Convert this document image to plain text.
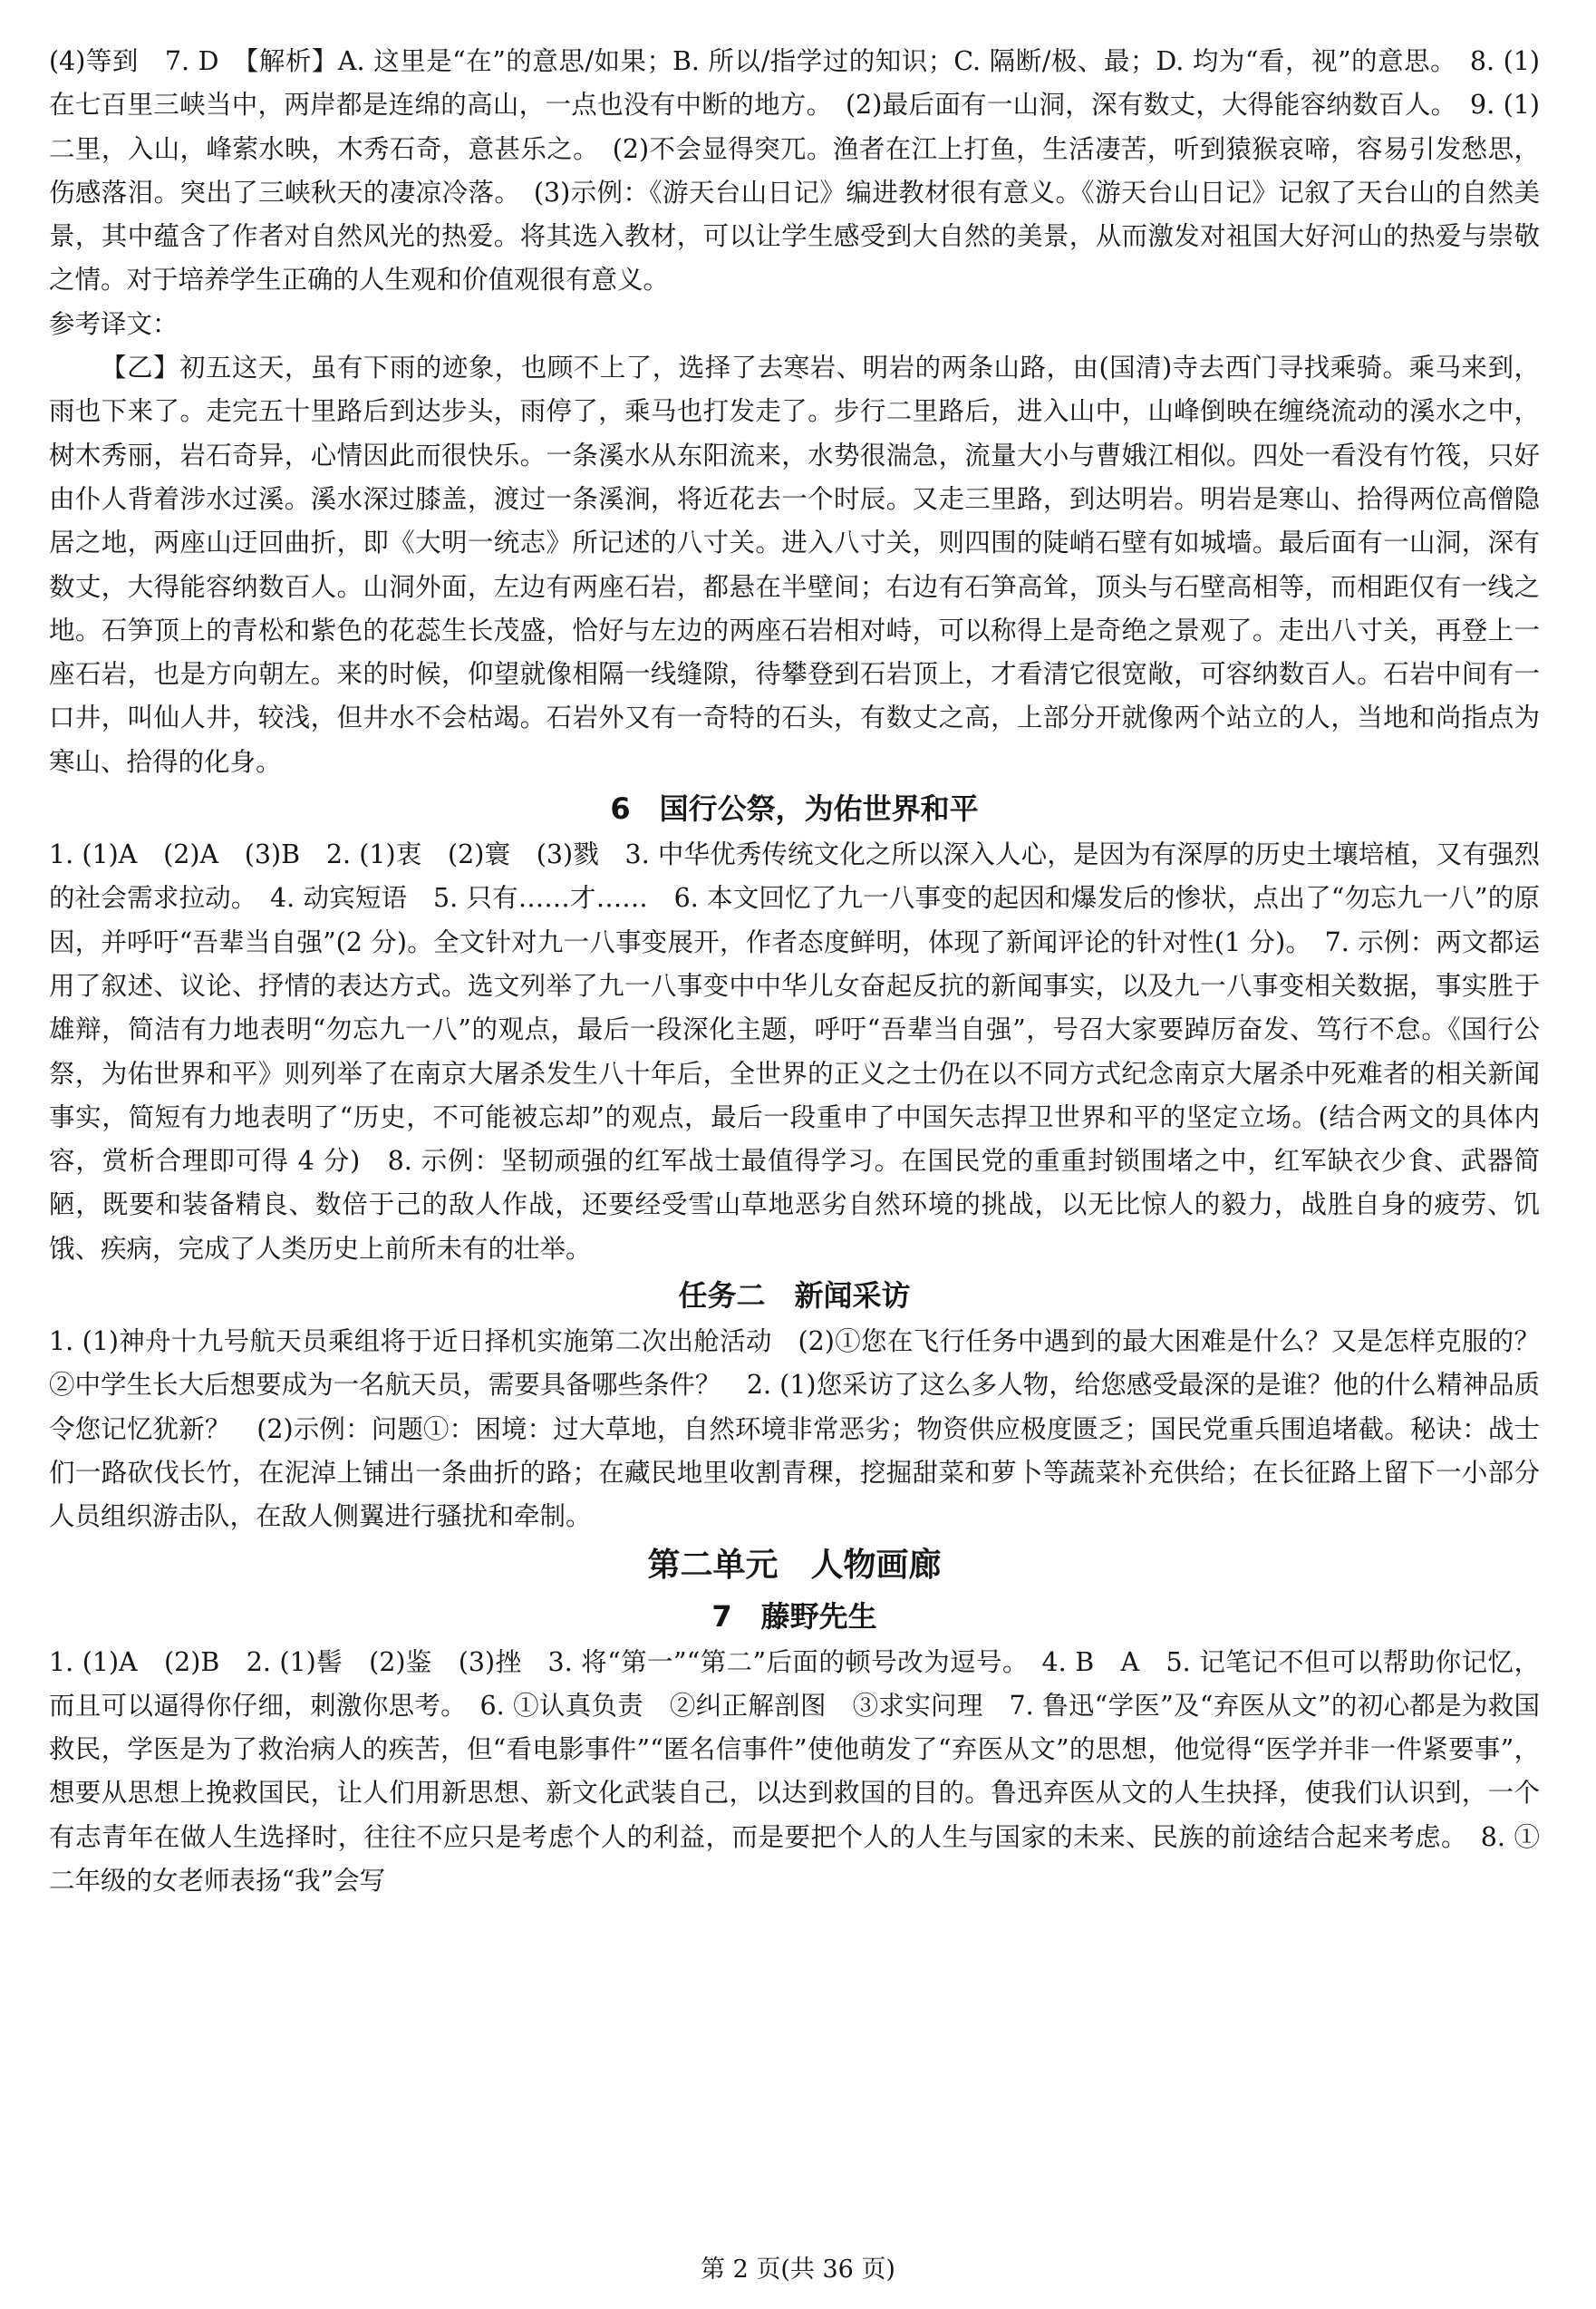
(4)等到　7. D　【解析】A. 这里是“在”的意思/如果；B. 所以/指学过的知识；C. 隔断/极、最；D. 均为“看，视”的意思。　8. (1)在七百里三峡当中，两岸都是连绵的高山，一点也没有中断的地方。　(2)最后面有一山洞，深有数丈，大得能容纳数百人。　9. (1)二里，入山，峰萦水映，木秀石奇，意甚乐之。　(2)不会显得突兀。渔者在江上打鱼，生活凄苦，听到猿猴哀啼，容易引发愁思，伤感落泪。突出了三峡秋天的凄凉冷落。　(3)示例：《游天台山日记》编进教材很有意义。《游天台山日记》记叙了天台山的自然美景，其中蕴含了作者对自然风光的热爱。将其选入教材，可以让学生感受到大自然的美景，从而激发对祖国大好河山的热爱与崇敬之情。对于培养学生正确的人生观和价值观很有意义。

参考译文：

【乙】初五这天，虽有下雨的迹象，也顾不上了，选择了去寒岩、明岩的两条山路，由(国清)寺去西门寻找乘骑。乘马来到，雨也下来了。走完五十里路后到达步头，雨停了，乘马也打发走了。步行二里路后，进入山中，山峰倒映在缠绕流动的溪水之中，树木秀丽，岩石奇异，心情因此而很快乐。一条溪水从东阳流来，水势很湍急，流量大小与曹娥江相似。四处一看没有竹筏，只好由仆人背着涉水过溪。溪水深过膝盖，渡过一条溪涧，将近花去一个时辰。又走三里路，到达明岩。明岩是寒山、拾得两位高僧隐居之地，两座山迂回曲折，即《大明一统志》所记述的八寸关。进入八寸关，则四围的陡峭石壁有如城墙。最后面有一山洞，深有数丈，大得能容纳数百人。山洞外面，左边有两座石岩，都悬在半壁间；右边有石笋高耸，顶头与石壁高相等，而相距仅有一线之地。石笋顶上的青松和紫色的花蕊生长茂盛，恰好与左边的两座石岩相对峙，可以称得上是奇绝之景观了。走出八寸关，再登上一座石岩，也是方向朝左。来的时候，仰望就像相隔一线缝隙，待攀登到石岩顶上，才看清它很宽敞，可容纳数百人。石岩中间有一口井，叫仙人井，较浅，但井水不会枯竭。石岩外又有一奇特的石头，有数丈之高，上部分开就像两个站立的人，当地和尚指点为寒山、拾得的化身。

6　国行公祭，为佑世界和平

1. (1)A　(2)A　(3)B　2. (1)衷　(2)寰　(3)戮　3. 中华优秀传统文化之所以深入人心，是因为有深厚的历史土壤培植，又有强烈的社会需求拉动。　4. 动宾短语　5. 只有……才……　6. 本文回忆了九一八事变的起因和爆发后的惨状，点出了“勿忘九一八”的原因，并呼吁“吾辈当自强”(2 分)。全文针对九一八事变展开，作者态度鲜明，体现了新闻评论的针对性(1 分)。　7. 示例：两文都运用了叙述、议论、抒情的表达方式。选文列举了九一八事变中中华儿女奋起反抗的新闻事实，以及九一八事变相关数据，事实胜于雄辩，简洁有力地表明“勿忘九一八”的观点，最后一段深化主题，呼吁“吾辈当自强”，号召大家要踔厉奋发、笃行不怠。《国行公祭，为佑世界和平》则列举了在南京大屠杀发生八十年后，全世界的正义之士仍在以不同方式纪念南京大屠杀中死难者的相关新闻事实，简短有力地表明了“历史，不可能被忘却”的观点，最后一段重申了中国矢志捍卫世界和平的坚定立场。(结合两文的具体内容，赏析合理即可得 4 分)　8. 示例：坚韧顽强的红军战士最值得学习。在国民党的重重封锁围堵之中，红军缺衣少食、武器简陋，既要和装备精良、数倍于己的敌人作战，还要经受雪山草地恶劣自然环境的挑战，以无比惊人的毅力，战胜自身的疲劳、饥饿、疾病，完成了人类历史上前所未有的壮举。

任务二　新闻采访

1. (1)神舟十九号航天员乘组将于近日择机实施第二次出舱活动　(2)①您在飞行任务中遇到的最大困难是什么？又是怎样克服的？②中学生长大后想要成为一名航天员，需要具备哪些条件？　2. (1)您采访了这么多人物，给您感受最深的是谁？他的什么精神品质令您记忆犹新？　(2)示例：问题①：困境：过大草地，自然环境非常恶劣；物资供应极度匮乏；国民党重兵围追堵截。秘诀：战士们一路砍伐长竹，在泥淖上铺出一条曲折的路；在藏民地里收割青稞，挖掘甜菜和萝卜等蔬菜补充供给；在长征路上留下一小部分人员组织游击队，在敌人侧翼进行骚扰和牵制。

第二单元　人物画廊
7　藤野先生

1. (1)A　(2)B　2. (1)髻　(2)鉴　(3)挫　3. 将“第一”“第二”后面的顿号改为逗号。　4. B　A　5. 记笔记不但可以帮助你记忆，而且可以逼得你仔细，刺激你思考。　6. ①认真负责　②纠正解剖图　③求实问理　7. 鲁迅“学医”及“弃医从文”的初心都是为救国救民，学医是为了救治病人的疾苦，但“看电影事件”“匿名信事件”使他萌发了“弃医从文”的思想，他觉得“医学并非一件紧要事”，想要从思想上挽救国民，让人们用新思想、新文化武装自己，以达到救国的目的。鲁迅弃医从文的人生抉择，使我们认识到，一个有志青年在做人生选择时，往往不应只是考虑个人的利益，而是要把个人的人生与国家的未来、民族的前途结合起来考虑。　8. ①二年级的女老师表扬“我”会写

第 2 页(共 36 页)
